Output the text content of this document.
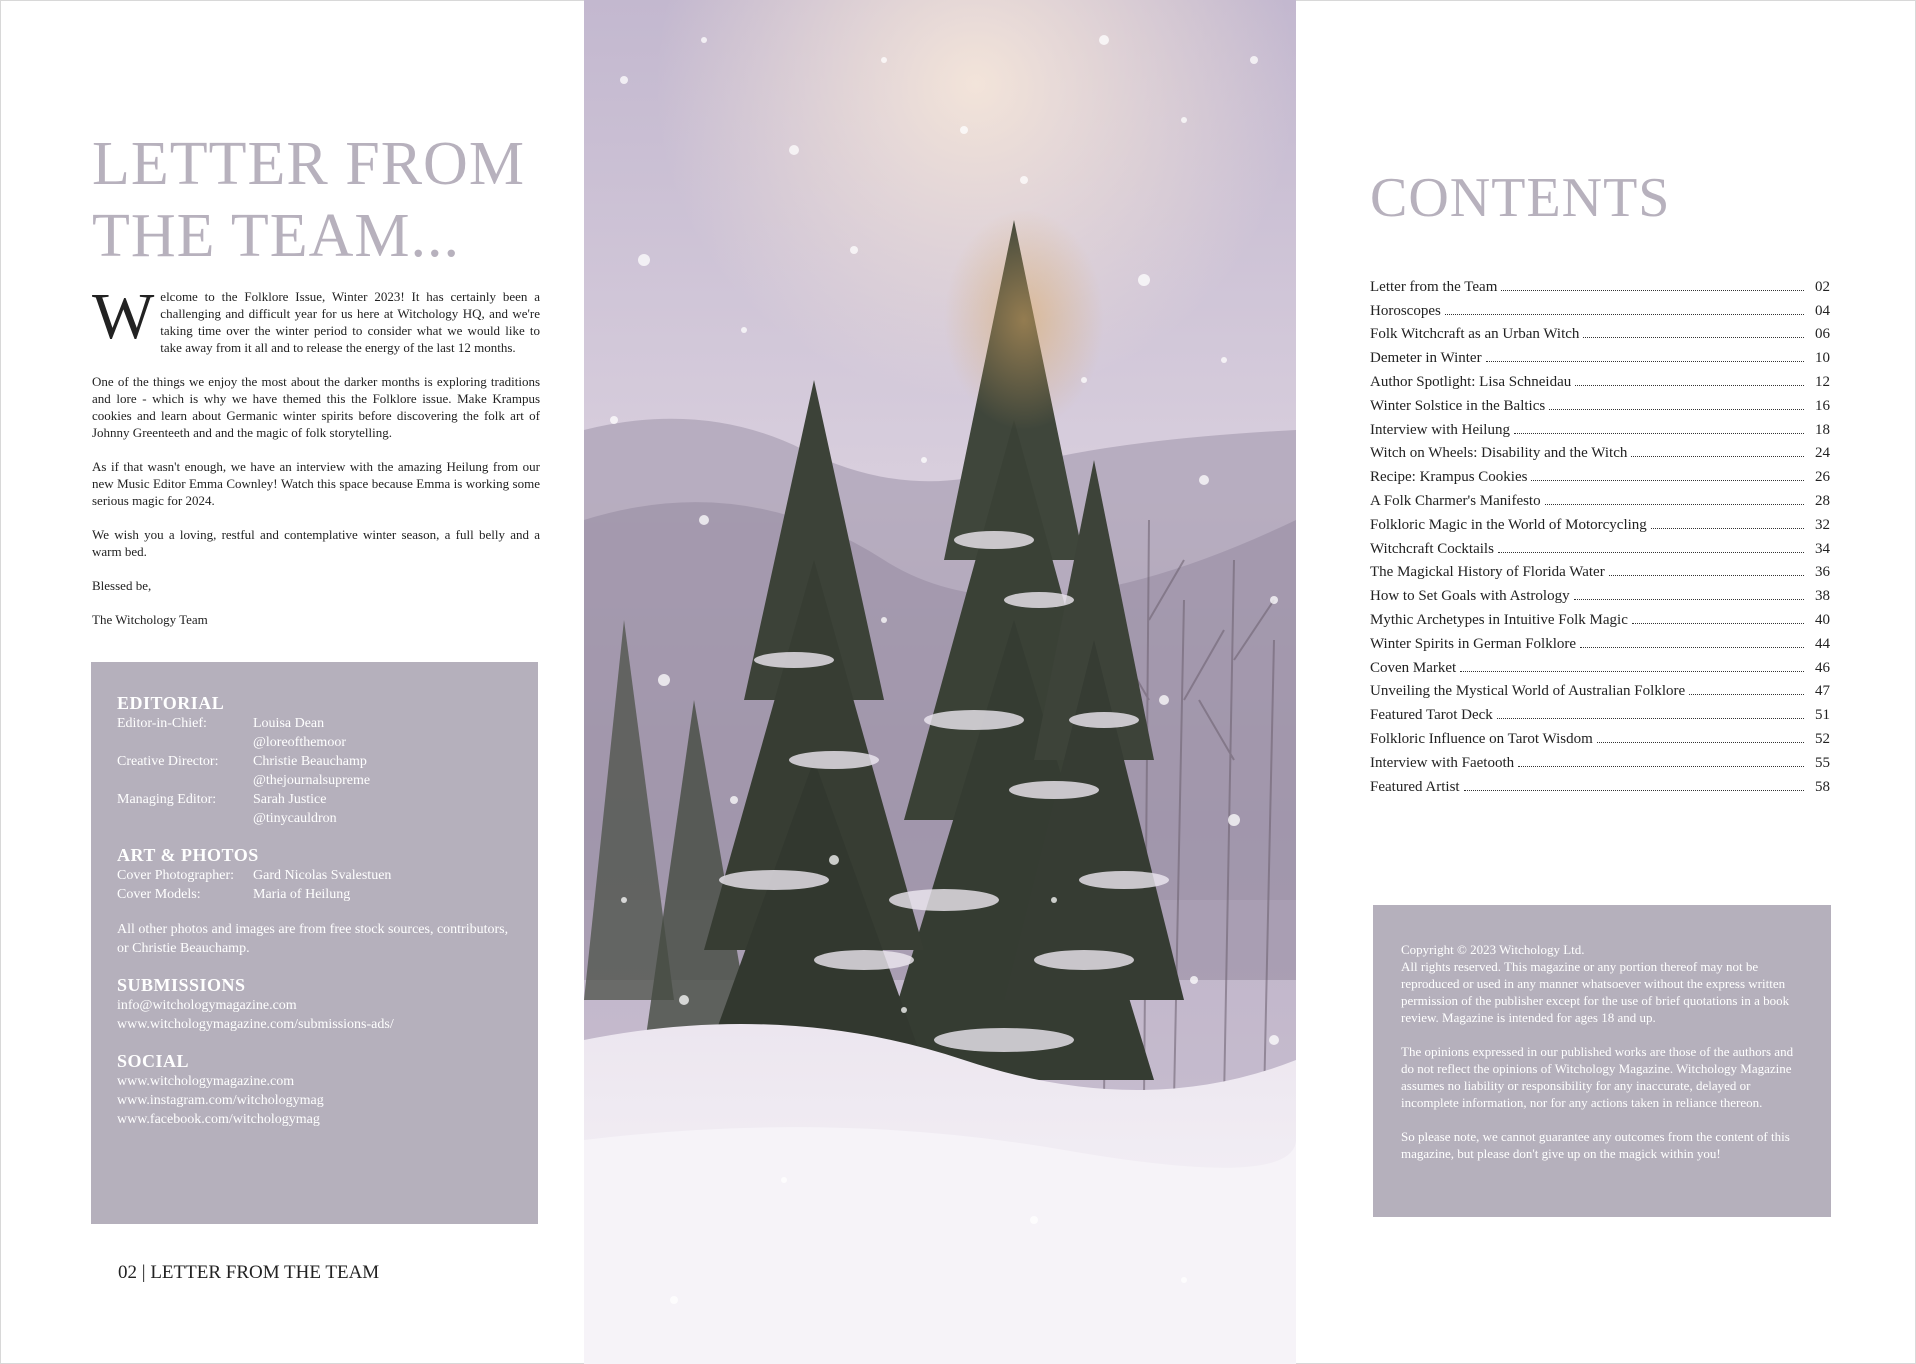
LETTER FROM
THE TEAM...

Welcome to the Folklore Issue, Winter 2023! It has certainly been a challenging and difficult year for us here at Witchology HQ, and we're taking time over the winter period to consider what we would like to take away from it all and to release the energy of the last 12 months.

One of the things we enjoy the most about the darker months is exploring traditions and lore - which is why we have themed this the Folklore issue. Make Krampus cookies and learn about Germanic winter spirits before discovering the folk art of Johnny Greenteeth and and the magic of folk storytelling.

As if that wasn't enough, we have an interview with the amazing Heilung from our new Music Editor Emma Cownley! Watch this space because Emma is working some serious magic for 2024.

We wish you a loving, restful and contemplative winter season, a full belly and a warm bed.

Blessed be,

The Witchology Team

EDITORIAL
Editor-in-Chief:	Louisa Dean
@loreofthemoor
Creative Director:	Christie Beauchamp
@thejournalsupreme
Managing Editor:	Sarah Justice
@tinycauldron
ART & PHOTOS
Cover Photographer:	Gard Nicolas Svalestuen
Cover Models:	Maria of Heilung

All other photos and images are from free stock sources, contributors, or Christie Beauchamp.

SUBMISSIONS
info@witchologymagazine.com
www.witchologymagazine.com/submissions-ads/
SOCIAL
www.witchologymagazine.com
www.instagram.com/witchologymag
www.facebook.com/witchologymag
02 | LETTER FROM THE TEAM
CONTENTS
Letter from the Team	02
Horoscopes	04
Folk Witchcraft as an Urban Witch	06
Demeter in Winter	10
Author Spotlight: Lisa Schneidau	12
Winter Solstice in the Baltics	16
Interview with Heilung	18
Witch on Wheels: Disability and the Witch	24
Recipe: Krampus Cookies	26
A Folk Charmer's Manifesto	28
Folkloric Magic in the World of Motorcycling	32
Witchcraft Cocktails	34
The Magickal History of Florida Water	36
How to Set Goals with Astrology	38
Mythic Archetypes in Intuitive Folk Magic	40
Winter Spirits in German Folklore	44
Coven Market	46
Unveiling the Mystical World of Australian Folklore	47
Featured Tarot Deck	51
Folkloric Influence on Tarot Wisdom	52
Interview with Faetooth	55
Featured Artist	58

Copyright © 2023 Witchology Ltd.
All rights reserved. This magazine or any portion thereof may not be reproduced or used in any manner whatsoever without the express written permission of the publisher except for the use of brief quotations in a book review. Magazine is intended for ages 18 and up.

The opinions expressed in our published works are those of the authors and do not reflect the opinions of Witchology Magazine. Witchology Magazine assumes no liability or responsibility for any inaccurate, delayed or incomplete information, nor for any actions taken in reliance thereon.

So please note, we cannot guarantee any outcomes from the content of this magazine, but please don't give up on the magick within you!
